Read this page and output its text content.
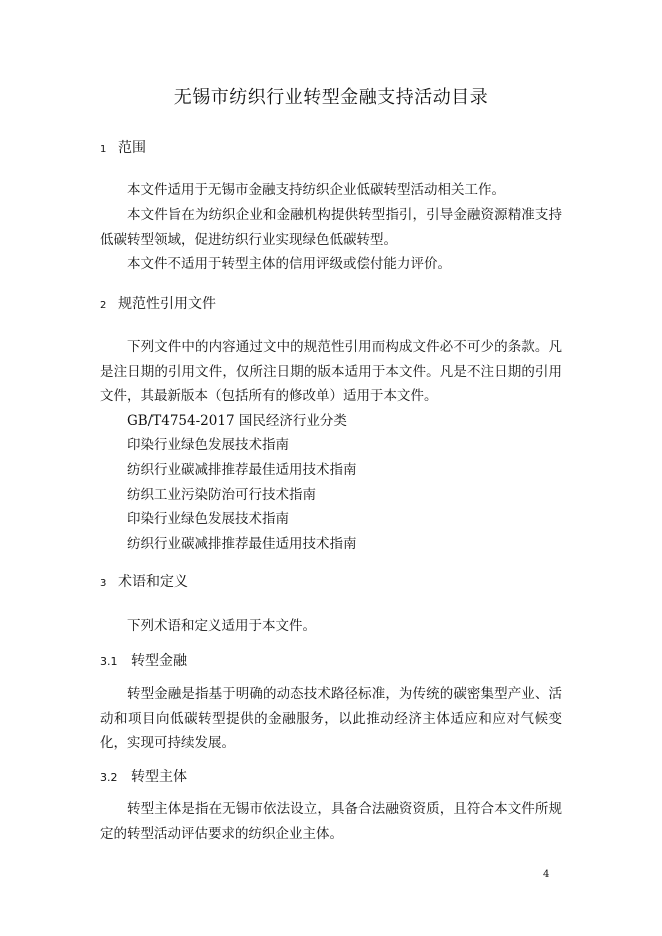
无锡市纺织行业转型金融支持活动目录
1 范围

本文件适用于无锡市金融支持纺织企业低碳转型活动相关工作。

本文件旨在为纺织企业和金融机构提供转型指引，引导金融资源精准支持低碳转型领域，促进纺织行业实现绿色低碳转型。

本文件不适用于转型主体的信用评级或偿付能力评价。

2 规范性引用文件

下列文件中的内容通过文中的规范性引用而构成文件必不可少的条款。凡是注日期的引用文件，仅所注日期的版本适用于本文件。凡是不注日期的引用文件，其最新版本（包括所有的修改单）适用于本文件。

GB/T4754-2017 国民经济行业分类
印染行业绿色发展技术指南
纺织行业碳减排推荐最佳适用技术指南
纺织工业污染防治可行技术指南
印染行业绿色发展技术指南
纺织行业碳减排推荐最佳适用技术指南
3 术语和定义

下列术语和定义适用于本文件。

3.1 转型金融

转型金融是指基于明确的动态技术路径标准，为传统的碳密集型产业、活动和项目向低碳转型提供的金融服务，以此推动经济主体适应和应对气候变化，实现可持续发展。

3.2 转型主体

转型主体是指在无锡市依法设立，具备合法融资资质，且符合本文件所规定的转型活动评估要求的纺织企业主体。

4
